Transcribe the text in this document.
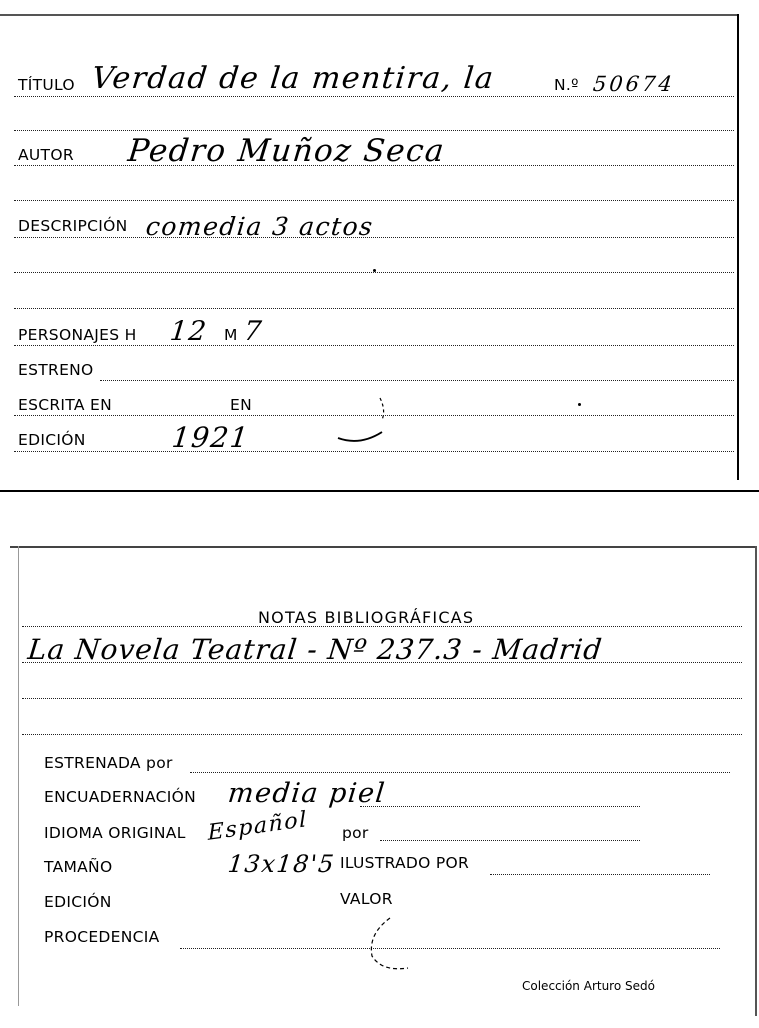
TÍTULO Verdad de la mentira, la	N.º 50674
AUTOR Pedro Muñoz Seca
DESCRIPCIÓN comedia 3 actos
PERSONAJES H 12 M 7
ESTRENO
ESCRITA EN	EN
EDICIÓN	1921
NOTAS BIBLIOGRÁFICAS
La Novela Teatral - Nº 237.3 - Madrid
ESTRENADA por
ENCUADERNACIÓN media piel
IDIOMA ORIGINAL Español por
TAMAÑO	13x18'5 ILUSTRADO POR
EDICIÓN	VALOR
PROCEDENCIA
Colección Arturo Sedó
